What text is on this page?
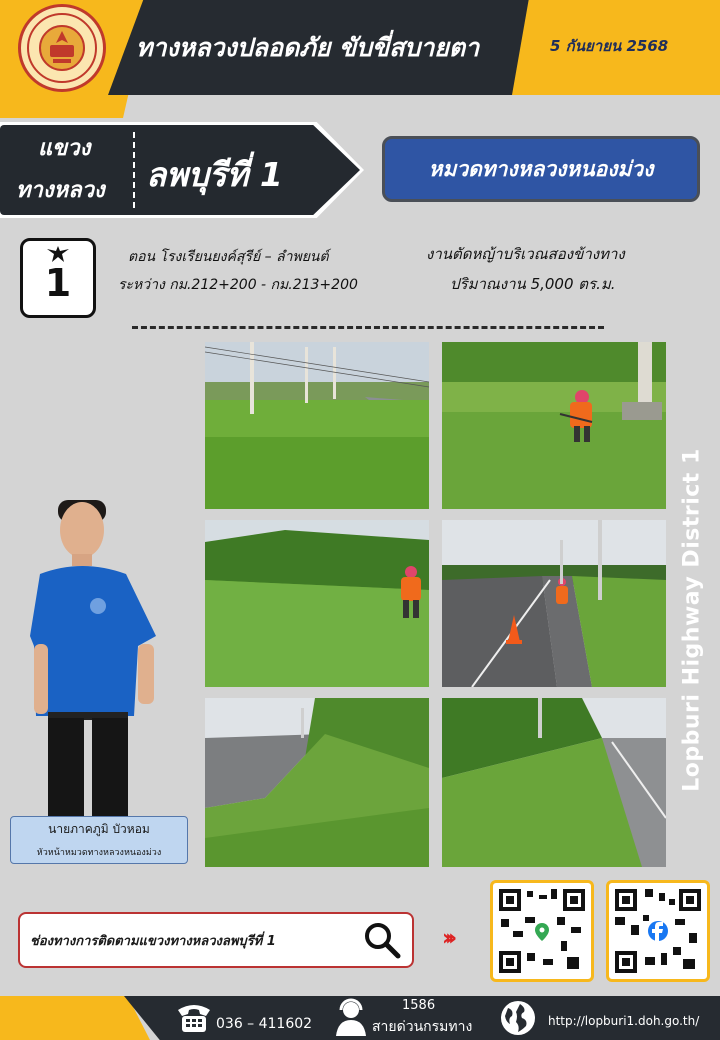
ทางหลวงปลอดภัย ขับขี่สบายตา	5 กันยายน 2568
แขวง
ทางหลวง ลพบุรีที่ 1	หมวดทางหลวงหนองม่วง
1
ตอน โรงเรียนยงค์สุรีย์ – ลำพยนต์
ระหว่าง กม.212+200 - กม.213+200
งานตัดหญ้าบริเวณสองข้างทาง
ปริมาณงาน 5,000 ตร.ม.
นายภาคภูมิ บัวหอม
หัวหน้าหมวดทางหลวงหนองม่วง
Lopburi Highway District 1
ช่องทางการติดตามแขวงทางหลวงลพบุรีที่ 1	›››
036 – 411602
1586
สายด่วนกรมทาง	http://lopburi1.doh.go.th/
